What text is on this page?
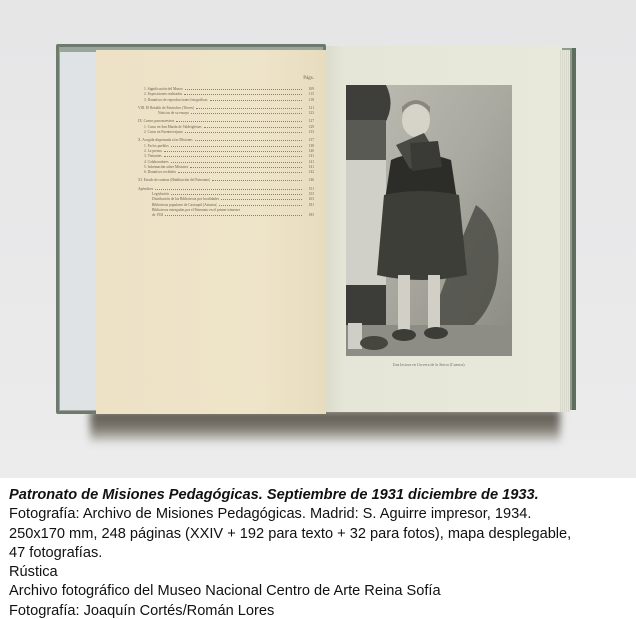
Págs.
1. Significación del Museo	109
2. Exposiciones realizadas	115
3. Donativos de reproducciones fotográficas	118
VIII. El Retablo de Fantoches (Títeres)	121
Noticias de su ensayo	123
IX. Cursos para maestros	127
1. Curso en San Martín de Valdeiglesias	129
2. Curso en Fuenteovejuna	133
X. Acogida dispensada a las Misiones	137
1. En los pueblos	138
2. La prensa	140
3. Visitantes	141
4. Colaboradores	141
5. Información sobre Misiones	141
6. Donativos recibidos	142
XI. Estado de cuentas (Habilitación del Patronato)	146
Apéndices	151
Legislación	153
Distribución de las Bibliotecas por localidades	163
Bibliotecas populares de Castropol (Asturias)	181
Bibliotecas entregadas por el Patronato en el primer trimestre
de 1934	183
Una lectora en Cervera de la Sierra (Cuenca).
Patronato de Misiones Pedagógicas. Septiembre de 1931 diciembre de 1933.
Fotografía: Archivo de Misiones Pedagógicas. Madrid: S. Aguirre impresor, 1934.
250x170 mm, 248 páginas (XXIV + 192 para texto + 32 para fotos), mapa desplegable,
47 fotografías.
Rústica
Archivo fotográfico del Museo Nacional Centro de Arte Reina Sofía
Fotografía: Joaquín Cortés/Román Lores
